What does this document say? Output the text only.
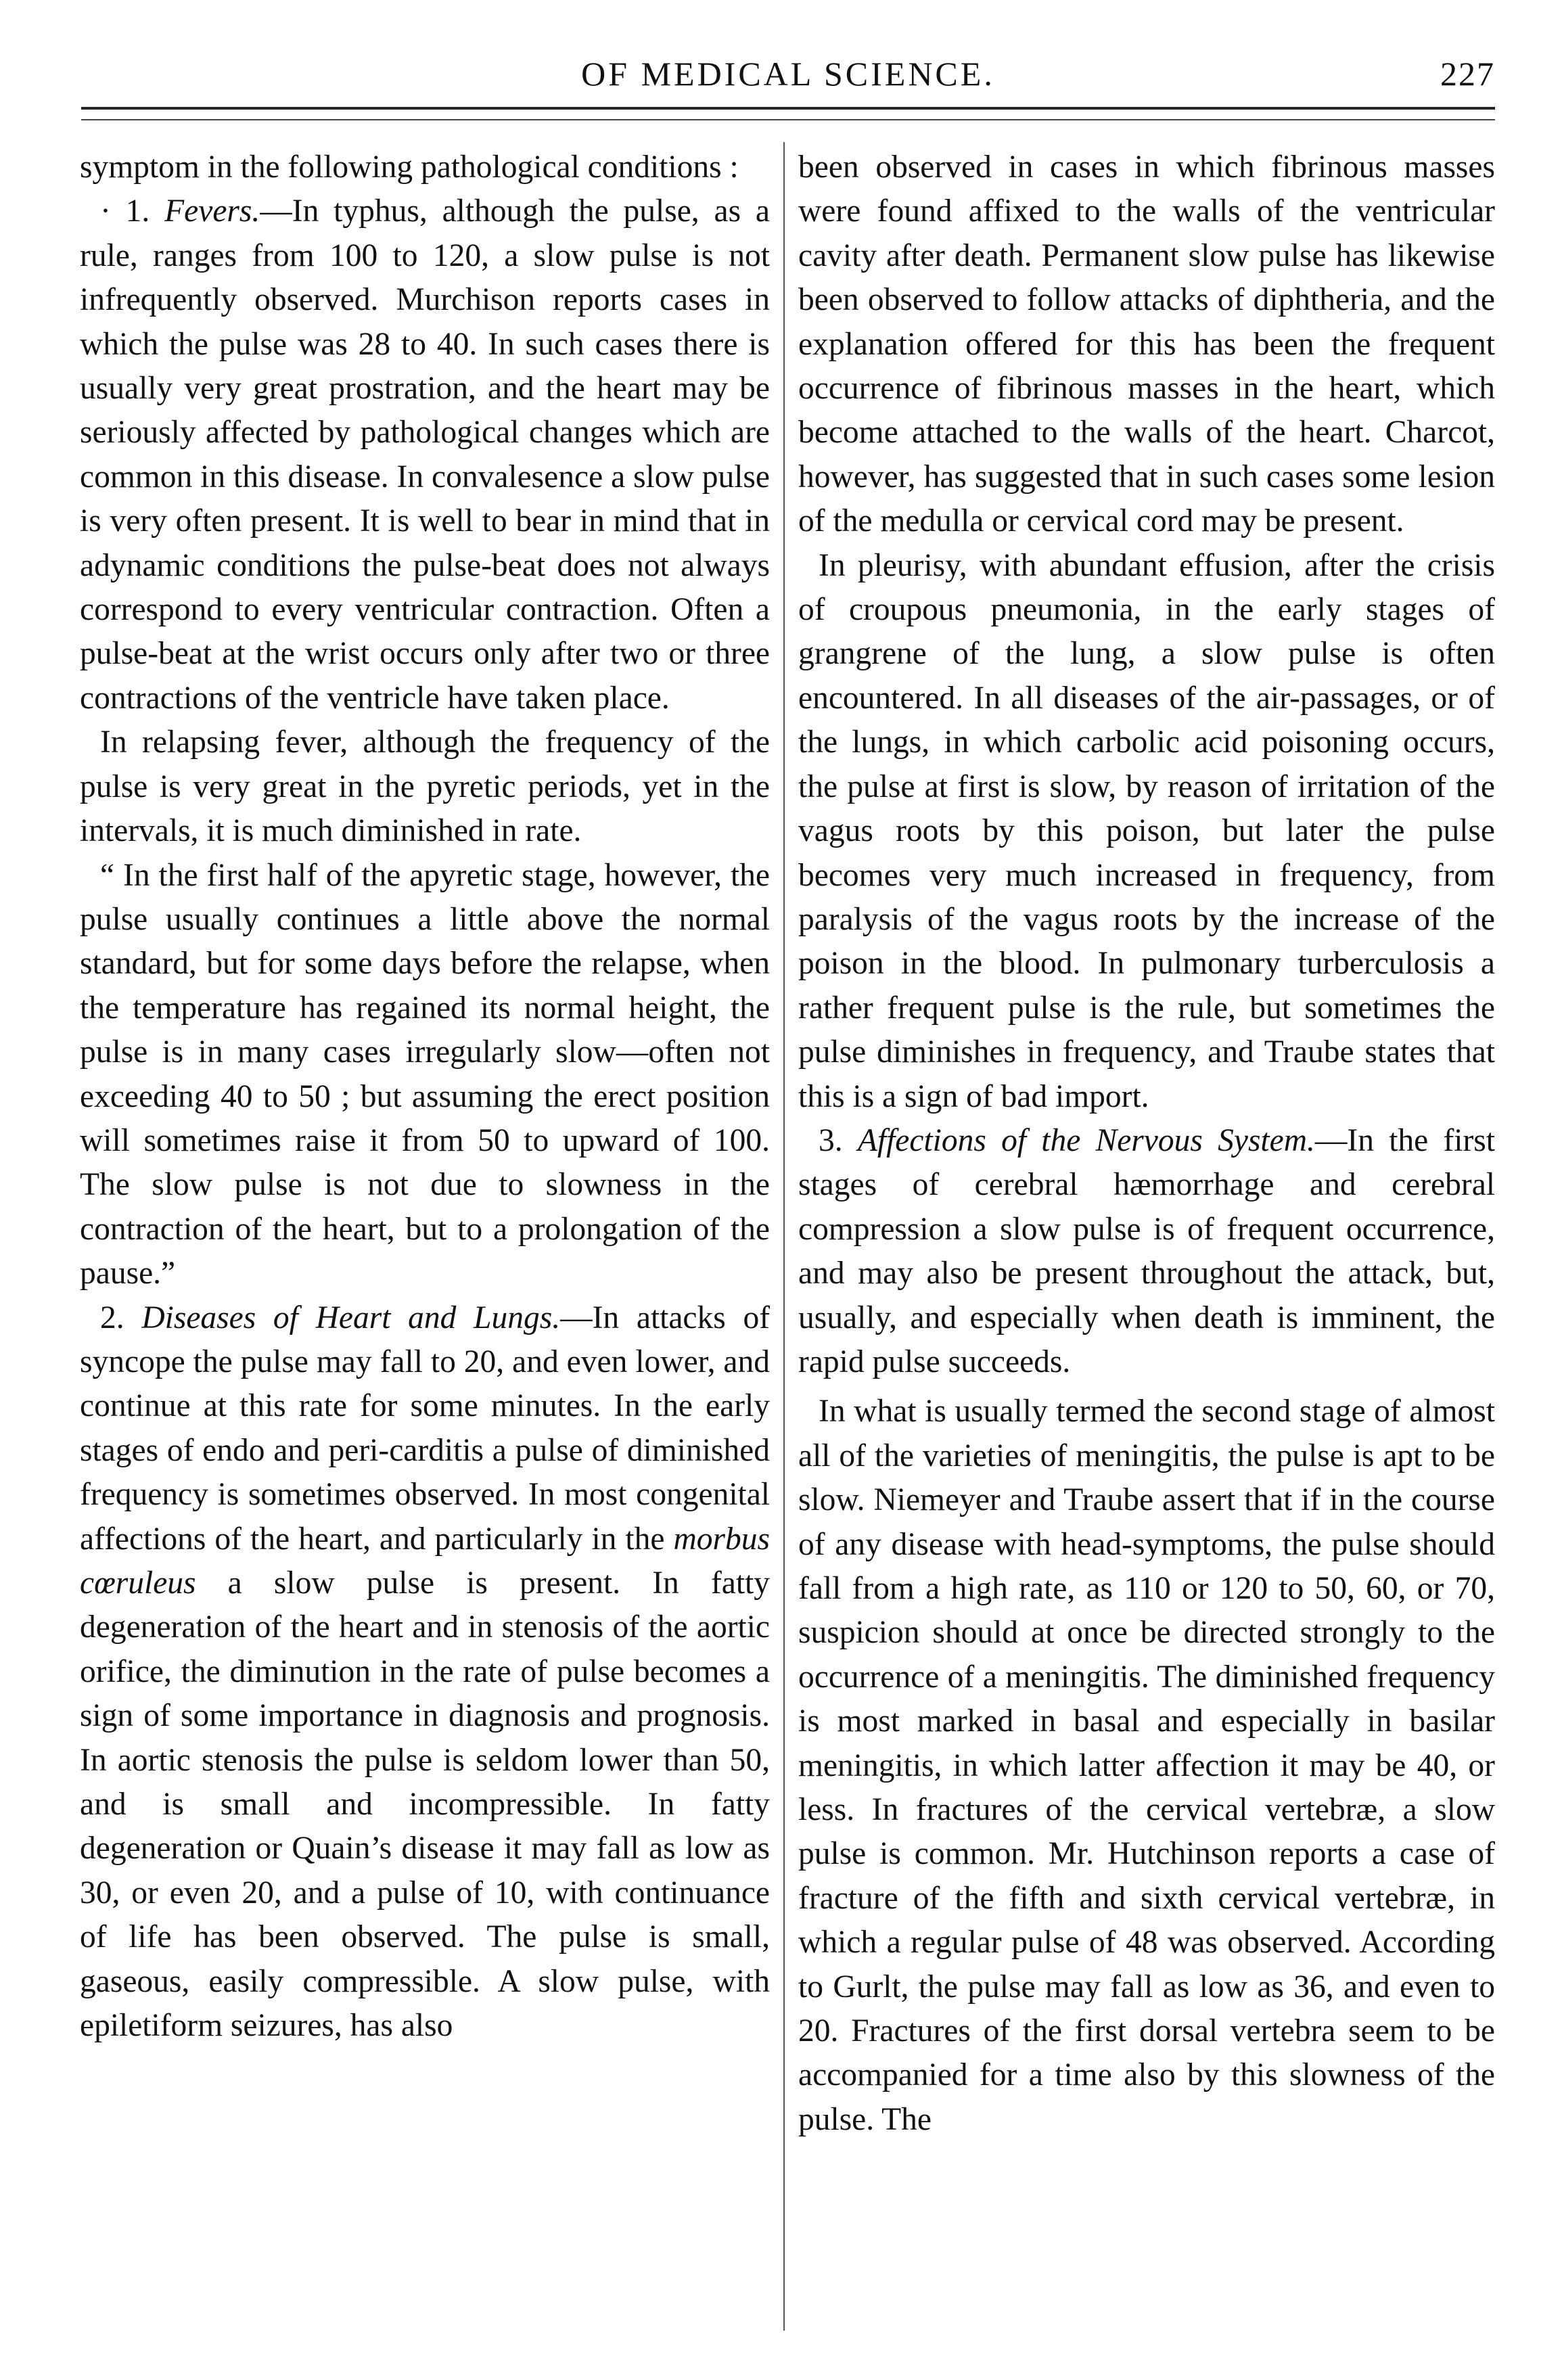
OF MEDICAL SCIENCE.	227

symptom in the following pathological conditions :

· 1. Fevers.—In typhus, although the pulse, as a rule, ranges from 100 to 120, a slow pulse is not infrequently observed. Murchison reports cases in which the pulse was 28 to 40. In such cases there is usually very great prostration, and the heart may be seriously affected by pathological changes which are common in this disease. In convalesence a slow pulse is very often present. It is well to bear in mind that in adynamic conditions the pulse-beat does not always correspond to every ventricular contraction. Often a pulse-beat at the wrist occurs only after two or three contractions of the ventricle have taken place.

In relapsing fever, although the frequency of the pulse is very great in the pyretic periods, yet in the intervals, it is much diminished in rate.

“ In the first half of the apyretic stage, however, the pulse usually continues a little above the normal standard, but for some days before the relapse, when the temperature has regained its normal height, the pulse is in many cases irregularly slow—often not exceeding 40 to 50 ; but assuming the erect position will sometimes raise it from 50 to upward of 100. The slow pulse is not due to slowness in the contraction of the heart, but to a prolongation of the pause.”

2. Diseases of Heart and Lungs.—In attacks of syncope the pulse may fall to 20, and even lower, and continue at this rate for some minutes. In the early stages of endo and peri-carditis a pulse of diminished frequency is sometimes observed. In most congenital affections of the heart, and particularly in the morbus cœruleus a slow pulse is present. In fatty degeneration of the heart and in stenosis of the aortic orifice, the diminution in the rate of pulse becomes a sign of some importance in diagnosis and prognosis. In aortic stenosis the pulse is seldom lower than 50, and is small and incompressible. In fatty degeneration or Quain’s disease it may fall as low as 30, or even 20, and a pulse of 10, with continuance of life has been observed. The pulse is small, gaseous, easily compressible. A slow pulse, with epiletiform seizures, has also

been observed in cases in which fibrinous masses were found affixed to the walls of the ventricular cavity after death. Permanent slow pulse has likewise been observed to follow attacks of diphtheria, and the explanation offered for this has been the frequent occurrence of fibrinous masses in the heart, which become attached to the walls of the heart. Charcot, however, has suggested that in such cases some lesion of the medulla or cervical cord may be present.

In pleurisy, with abundant effusion, after the crisis of croupous pneumonia, in the early stages of grangrene of the lung, a slow pulse is often encountered. In all diseases of the air-passages, or of the lungs, in which carbolic acid poisoning occurs, the pulse at first is slow, by reason of irritation of the vagus roots by this poison, but later the pulse becomes very much increased in frequency, from paralysis of the vagus roots by the increase of the poison in the blood. In pulmonary turberculosis a rather frequent pulse is the rule, but sometimes the pulse diminishes in frequency, and Traube states that this is a sign of bad import.

3. Affections of the Nervous System.—In the first stages of cerebral hæmorrhage and cerebral compression a slow pulse is of frequent occurrence, and may also be present throughout the attack, but, usually, and especially when death is imminent, the rapid pulse succeeds.

In what is usually termed the second stage of almost all of the varieties of meningitis, the pulse is apt to be slow. Niemeyer and Traube assert that if in the course of any disease with head-symptoms, the pulse should fall from a high rate, as 110 or 120 to 50, 60, or 70, suspicion should at once be directed strongly to the occurrence of a meningitis. The diminished frequency is most marked in basal and especially in basilar meningitis, in which latter affection it may be 40, or less. In fractures of the cervical vertebræ, a slow pulse is common. Mr. Hutchinson reports a case of fracture of the fifth and sixth cervical vertebræ, in which a regular pulse of 48 was observed. According to Gurlt, the pulse may fall as low as 36, and even to 20. Fractures of the first dorsal vertebra seem to be accompanied for a time also by this slowness of the pulse. The
